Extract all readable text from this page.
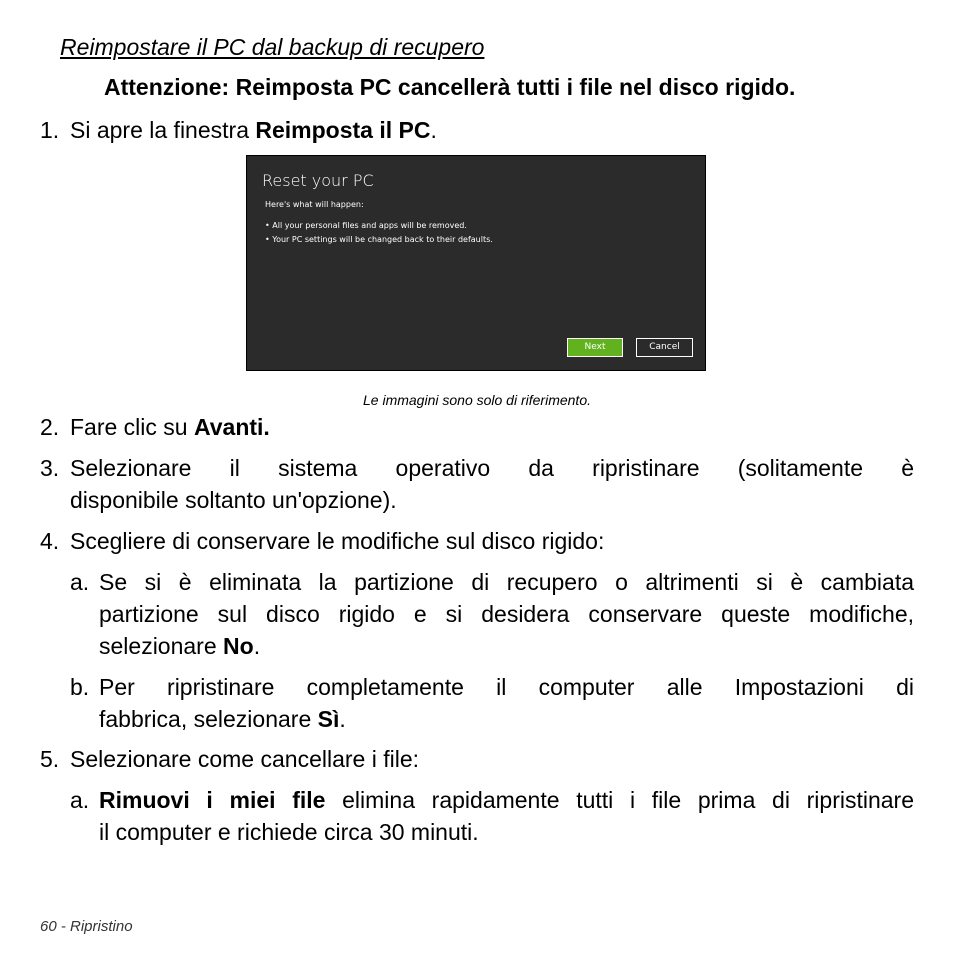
Reimpostare il PC dal backup di recupero
Attenzione: Reimposta PC cancellerà tutti i file nel disco rigido.
1. Si apre la finestra Reimposta il PC.
Reset your PC
Here's what will happen:
• All your personal files and apps will be removed.
• Your PC settings will be changed back to their defaults.
Next	Cancel
Le immagini sono solo di riferimento.
2. Fare clic su Avanti.
3. Selezionare il sistema operativo da ripristinare (solitamente è
disponibile soltanto un'opzione).
4. Scegliere di conservare le modifiche sul disco rigido:
a. Se si è eliminata la partizione di recupero o altrimenti si è cambiata
partizione sul disco rigido e si desidera conservare queste modifiche,
selezionare No.
b. Per ripristinare completamente il computer alle Impostazioni di
fabbrica, selezionare Sì.
5. Selezionare come cancellare i file:
a. Rimuovi i miei file elimina rapidamente tutti i file prima di ripristinare
il computer e richiede circa 30 minuti.
60 - Ripristino
